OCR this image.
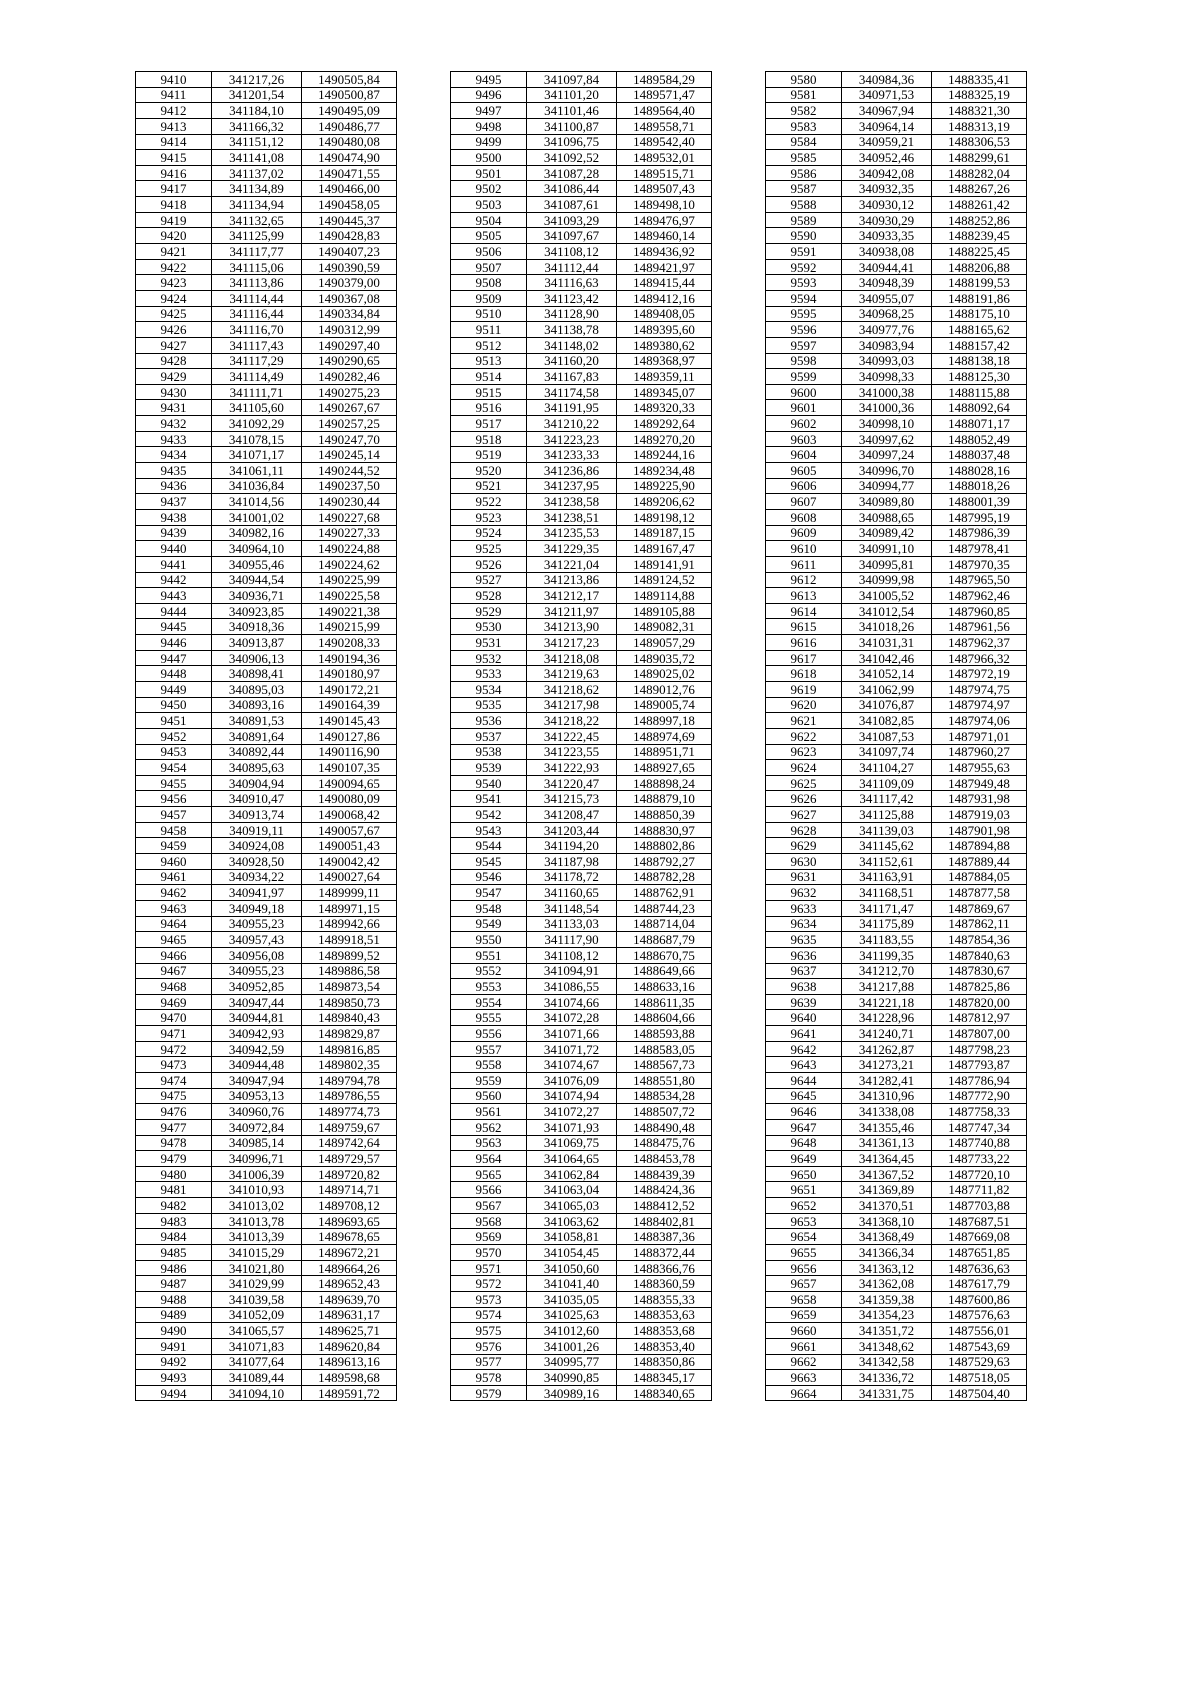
9410	341217,26	1490505,84
9411	341201,54	1490500,87
9412	341184,10	1490495,09
9413	341166,32	1490486,77
9414	341151,12	1490480,08
9415	341141,08	1490474,90
9416	341137,02	1490471,55
9417	341134,89	1490466,00
9418	341134,94	1490458,05
9419	341132,65	1490445,37
9420	341125,99	1490428,83
9421	341117,77	1490407,23
9422	341115,06	1490390,59
9423	341113,86	1490379,00
9424	341114,44	1490367,08
9425	341116,44	1490334,84
9426	341116,70	1490312,99
9427	341117,43	1490297,40
9428	341117,29	1490290,65
9429	341114,49	1490282,46
9430	341111,71	1490275,23
9431	341105,60	1490267,67
9432	341092,29	1490257,25
9433	341078,15	1490247,70
9434	341071,17	1490245,14
9435	341061,11	1490244,52
9436	341036,84	1490237,50
9437	341014,56	1490230,44
9438	341001,02	1490227,68
9439	340982,16	1490227,33
9440	340964,10	1490224,88
9441	340955,46	1490224,62
9442	340944,54	1490225,99
9443	340936,71	1490225,58
9444	340923,85	1490221,38
9445	340918,36	1490215,99
9446	340913,87	1490208,33
9447	340906,13	1490194,36
9448	340898,41	1490180,97
9449	340895,03	1490172,21
9450	340893,16	1490164,39
9451	340891,53	1490145,43
9452	340891,64	1490127,86
9453	340892,44	1490116,90
9454	340895,63	1490107,35
9455	340904,94	1490094,65
9456	340910,47	1490080,09
9457	340913,74	1490068,42
9458	340919,11	1490057,67
9459	340924,08	1490051,43
9460	340928,50	1490042,42
9461	340934,22	1490027,64
9462	340941,97	1489999,11
9463	340949,18	1489971,15
9464	340955,23	1489942,66
9465	340957,43	1489918,51
9466	340956,08	1489899,52
9467	340955,23	1489886,58
9468	340952,85	1489873,54
9469	340947,44	1489850,73
9470	340944,81	1489840,43
9471	340942,93	1489829,87
9472	340942,59	1489816,85
9473	340944,48	1489802,35
9474	340947,94	1489794,78
9475	340953,13	1489786,55
9476	340960,76	1489774,73
9477	340972,84	1489759,67
9478	340985,14	1489742,64
9479	340996,71	1489729,57
9480	341006,39	1489720,82
9481	341010,93	1489714,71
9482	341013,02	1489708,12
9483	341013,78	1489693,65
9484	341013,39	1489678,65
9485	341015,29	1489672,21
9486	341021,80	1489664,26
9487	341029,99	1489652,43
9488	341039,58	1489639,70
9489	341052,09	1489631,17
9490	341065,57	1489625,71
9491	341071,83	1489620,84
9492	341077,64	1489613,16
9493	341089,44	1489598,68
9494	341094,10	1489591,72
9495	341097,84	1489584,29
9496	341101,20	1489571,47
9497	341101,46	1489564,40
9498	341100,87	1489558,71
9499	341096,75	1489542,40
9500	341092,52	1489532,01
9501	341087,28	1489515,71
9502	341086,44	1489507,43
9503	341087,61	1489498,10
9504	341093,29	1489476,97
9505	341097,67	1489460,14
9506	341108,12	1489436,92
9507	341112,44	1489421,97
9508	341116,63	1489415,44
9509	341123,42	1489412,16
9510	341128,90	1489408,05
9511	341138,78	1489395,60
9512	341148,02	1489380,62
9513	341160,20	1489368,97
9514	341167,83	1489359,11
9515	341174,58	1489345,07
9516	341191,95	1489320,33
9517	341210,22	1489292,64
9518	341223,23	1489270,20
9519	341233,33	1489244,16
9520	341236,86	1489234,48
9521	341237,95	1489225,90
9522	341238,58	1489206,62
9523	341238,51	1489198,12
9524	341235,53	1489187,15
9525	341229,35	1489167,47
9526	341221,04	1489141,91
9527	341213,86	1489124,52
9528	341212,17	1489114,88
9529	341211,97	1489105,88
9530	341213,90	1489082,31
9531	341217,23	1489057,29
9532	341218,08	1489035,72
9533	341219,63	1489025,02
9534	341218,62	1489012,76
9535	341217,98	1489005,74
9536	341218,22	1488997,18
9537	341222,45	1488974,69
9538	341223,55	1488951,71
9539	341222,93	1488927,65
9540	341220,47	1488898,24
9541	341215,73	1488879,10
9542	341208,47	1488850,39
9543	341203,44	1488830,97
9544	341194,20	1488802,86
9545	341187,98	1488792,27
9546	341178,72	1488782,28
9547	341160,65	1488762,91
9548	341148,54	1488744,23
9549	341133,03	1488714,04
9550	341117,90	1488687,79
9551	341108,12	1488670,75
9552	341094,91	1488649,66
9553	341086,55	1488633,16
9554	341074,66	1488611,35
9555	341072,28	1488604,66
9556	341071,66	1488593,88
9557	341071,72	1488583,05
9558	341074,67	1488567,73
9559	341076,09	1488551,80
9560	341074,94	1488534,28
9561	341072,27	1488507,72
9562	341071,93	1488490,48
9563	341069,75	1488475,76
9564	341064,65	1488453,78
9565	341062,84	1488439,39
9566	341063,04	1488424,36
9567	341065,03	1488412,52
9568	341063,62	1488402,81
9569	341058,81	1488387,36
9570	341054,45	1488372,44
9571	341050,60	1488366,76
9572	341041,40	1488360,59
9573	341035,05	1488355,33
9574	341025,63	1488353,63
9575	341012,60	1488353,68
9576	341001,26	1488353,40
9577	340995,77	1488350,86
9578	340990,85	1488345,17
9579	340989,16	1488340,65
9580	340984,36	1488335,41
9581	340971,53	1488325,19
9582	340967,94	1488321,30
9583	340964,14	1488313,19
9584	340959,21	1488306,53
9585	340952,46	1488299,61
9586	340942,08	1488282,04
9587	340932,35	1488267,26
9588	340930,12	1488261,42
9589	340930,29	1488252,86
9590	340933,35	1488239,45
9591	340938,08	1488225,45
9592	340944,41	1488206,88
9593	340948,39	1488199,53
9594	340955,07	1488191,86
9595	340968,25	1488175,10
9596	340977,76	1488165,62
9597	340983,94	1488157,42
9598	340993,03	1488138,18
9599	340998,33	1488125,30
9600	341000,38	1488115,88
9601	341000,36	1488092,64
9602	340998,10	1488071,17
9603	340997,62	1488052,49
9604	340997,24	1488037,48
9605	340996,70	1488028,16
9606	340994,77	1488018,26
9607	340989,80	1488001,39
9608	340988,65	1487995,19
9609	340989,42	1487986,39
9610	340991,10	1487978,41
9611	340995,81	1487970,35
9612	340999,98	1487965,50
9613	341005,52	1487962,46
9614	341012,54	1487960,85
9615	341018,26	1487961,56
9616	341031,31	1487962,37
9617	341042,46	1487966,32
9618	341052,14	1487972,19
9619	341062,99	1487974,75
9620	341076,87	1487974,97
9621	341082,85	1487974,06
9622	341087,53	1487971,01
9623	341097,74	1487960,27
9624	341104,27	1487955,63
9625	341109,09	1487949,48
9626	341117,42	1487931,98
9627	341125,88	1487919,03
9628	341139,03	1487901,98
9629	341145,62	1487894,88
9630	341152,61	1487889,44
9631	341163,91	1487884,05
9632	341168,51	1487877,58
9633	341171,47	1487869,67
9634	341175,89	1487862,11
9635	341183,55	1487854,36
9636	341199,35	1487840,63
9637	341212,70	1487830,67
9638	341217,88	1487825,86
9639	341221,18	1487820,00
9640	341228,96	1487812,97
9641	341240,71	1487807,00
9642	341262,87	1487798,23
9643	341273,21	1487793,87
9644	341282,41	1487786,94
9645	341310,96	1487772,90
9646	341338,08	1487758,33
9647	341355,46	1487747,34
9648	341361,13	1487740,88
9649	341364,45	1487733,22
9650	341367,52	1487720,10
9651	341369,89	1487711,82
9652	341370,51	1487703,88
9653	341368,10	1487687,51
9654	341368,49	1487669,08
9655	341366,34	1487651,85
9656	341363,12	1487636,63
9657	341362,08	1487617,79
9658	341359,38	1487600,86
9659	341354,23	1487576,63
9660	341351,72	1487556,01
9661	341348,62	1487543,69
9662	341342,58	1487529,63
9663	341336,72	1487518,05
9664	341331,75	1487504,40
